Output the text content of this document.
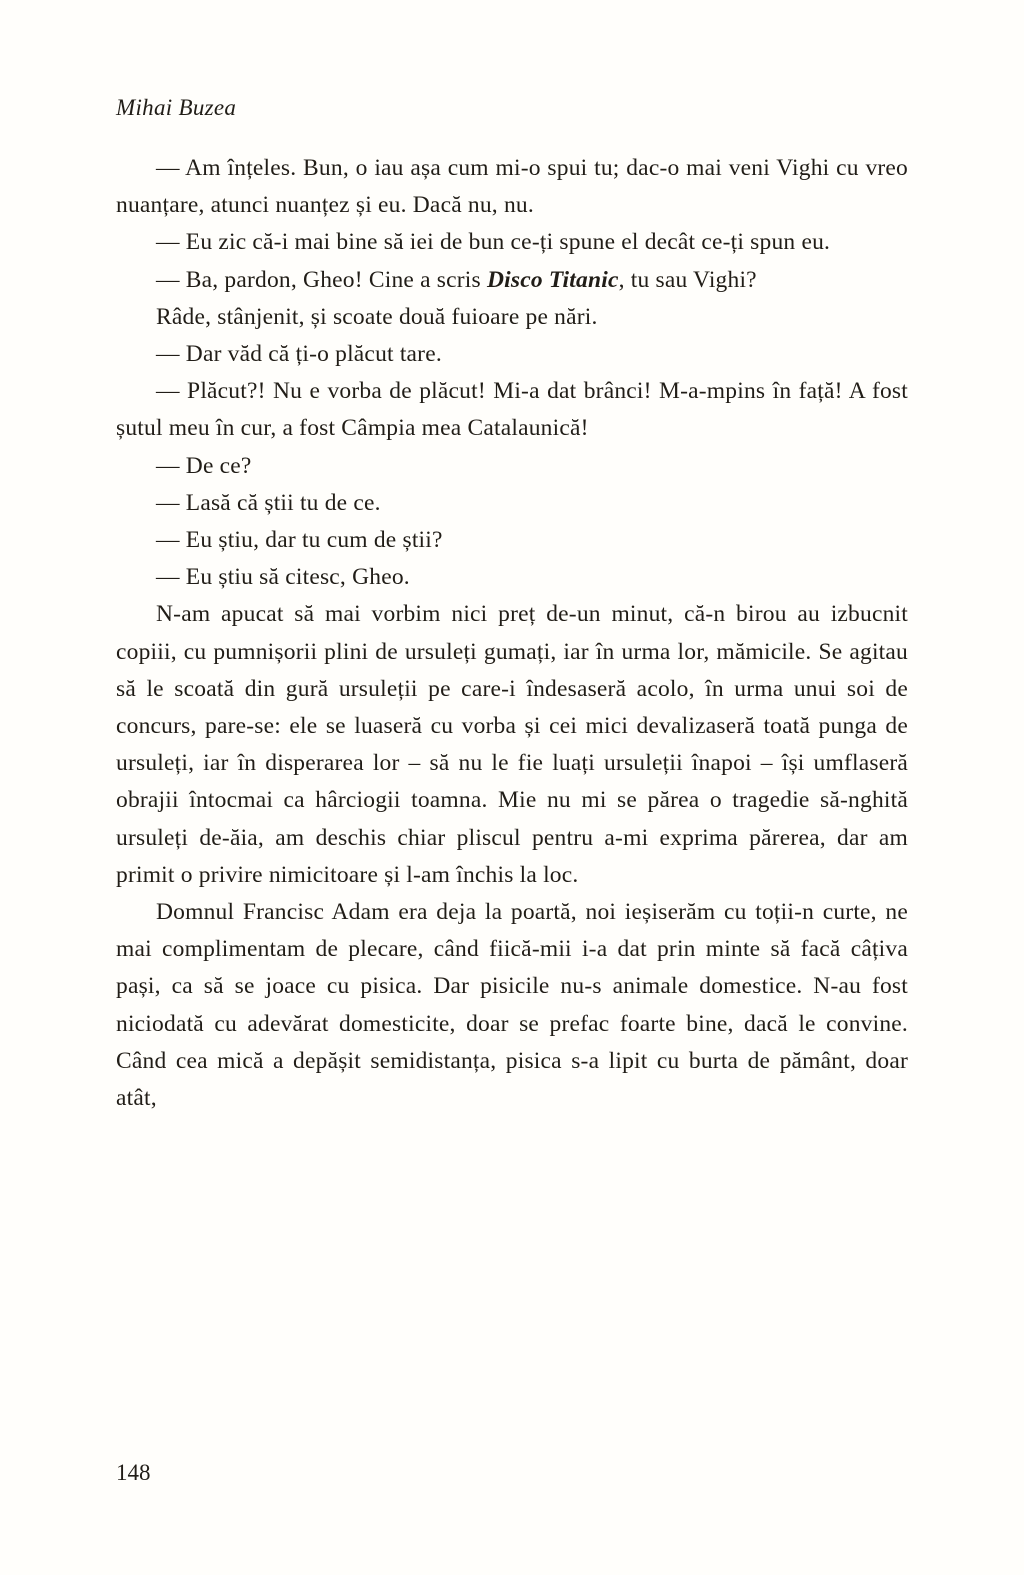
Mihai Buzea

— Am înțeles. Bun, o iau așa cum mi-o spui tu; dac-o mai veni Vighi cu vreo nuanțare, atunci nuanțez și eu. Dacă nu, nu.

— Eu zic că-i mai bine să iei de bun ce-ți spune el decât ce-ți spun eu.

— Ba, pardon, Gheo! Cine a scris Disco Titanic, tu sau Vighi?

Râde, stânjenit, și scoate două fuioare pe nări.

— Dar văd că ți-o plăcut tare.

— Plăcut?! Nu e vorba de plăcut! Mi-a dat brânci! M-a-mpins în față! A fost șutul meu în cur, a fost Câmpia mea Catalaunică!

— De ce?

— Lasă că știi tu de ce.

— Eu știu, dar tu cum de știi?

— Eu știu să citesc, Gheo.

N-am apucat să mai vorbim nici preț de-un minut, că-n birou au izbucnit copiii, cu pumnișorii plini de ursuleți gumați, iar în urma lor, mămicile. Se agitau să le scoată din gură ursuleții pe care-i îndesaseră acolo, în urma unui soi de concurs, pare-se: ele se luaseră cu vorba și cei mici devalizaseră toată punga de ursuleți, iar în disperarea lor – să nu le fie luați ursuleții înapoi – își umflaseră obrajii întocmai ca hârciogii toamna. Mie nu mi se părea o tragedie să-nghită ursuleți de-ăia, am deschis chiar pliscul pentru a-mi exprima părerea, dar am primit o privire nimicitoare și l-am închis la loc.

Domnul Francisc Adam era deja la poartă, noi ieșiserăm cu toții-n curte, ne mai complimentam de plecare, când fiică-mii i-a dat prin minte să facă câțiva pași, ca să se joace cu pisica. Dar pisicile nu-s animale domestice. N-au fost niciodată cu adevărat domesticite, doar se prefac foarte bine, dacă le convine. Când cea mică a depășit semidistanța, pisica s-a lipit cu burta de pământ, doar atât,

148
